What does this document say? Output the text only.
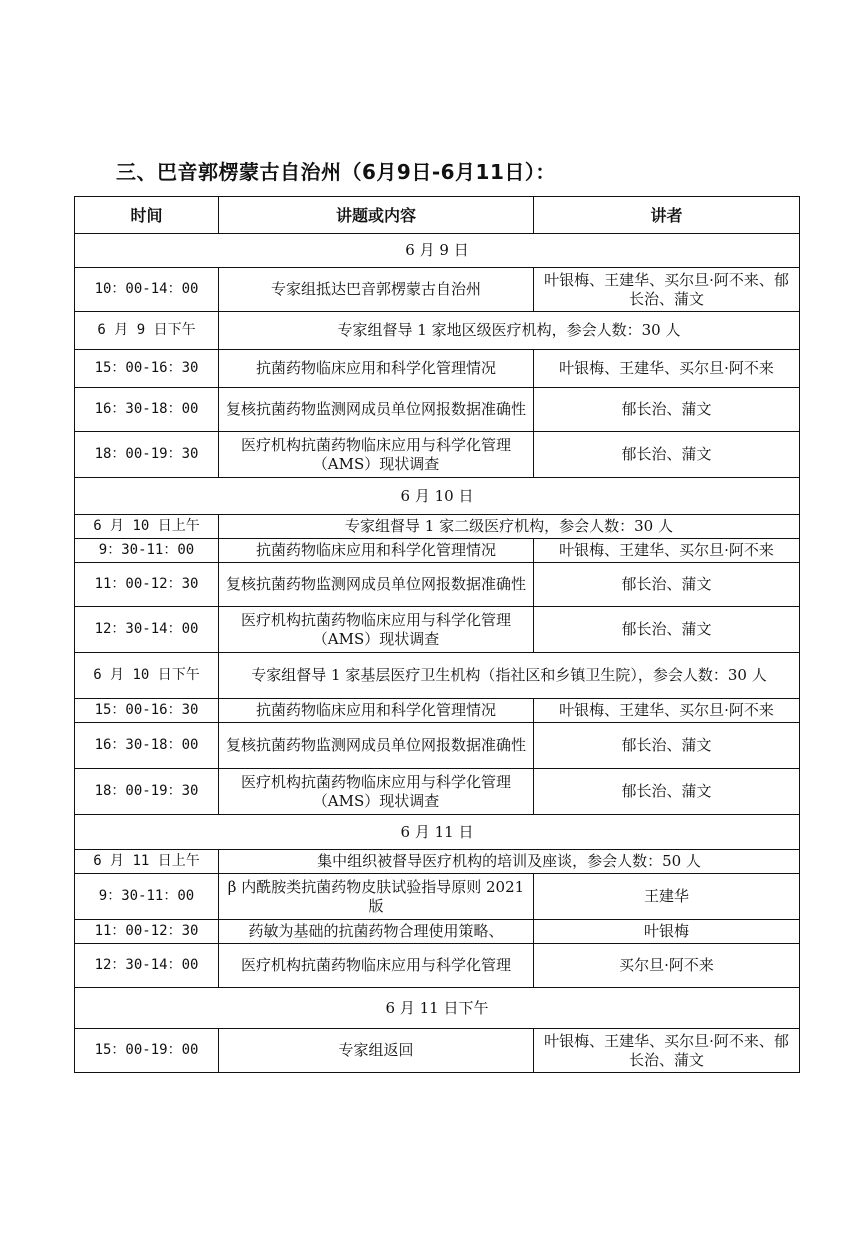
三、巴音郭楞蒙古自治州（6月9日-6月11日）：
时间	讲题或内容	讲者
6 月 9 日		
10：00-14：00	专家组抵达巴音郭楞蒙古自治州	叶银梅、王建华、买尔旦·阿不来、郁长治、蒲文
6 月 9 日下午	专家组督导 1 家地区级医疗机构，参会人数：30 人	
15：00-16：30	抗菌药物临床应用和科学化管理情况	叶银梅、王建华、买尔旦·阿不来
16：30-18：00	复核抗菌药物监测网成员单位网报数据准确性	郁长治、蒲文
18：00-19：30	医疗机构抗菌药物临床应用与科学化管理（AMS）现状调查	郁长治、蒲文
6 月 10 日		
6 月 10 日上午	专家组督导 1 家二级医疗机构，参会人数：30 人	
9：30-11：00	抗菌药物临床应用和科学化管理情况	叶银梅、王建华、买尔旦·阿不来
11：00-12：30	复核抗菌药物监测网成员单位网报数据准确性	郁长治、蒲文
12：30-14：00	医疗机构抗菌药物临床应用与科学化管理（AMS）现状调查	郁长治、蒲文
6 月 10 日下午	专家组督导 1 家基层医疗卫生机构（指社区和乡镇卫生院），参会人数：30 人	
15：00-16：30	抗菌药物临床应用和科学化管理情况	叶银梅、王建华、买尔旦·阿不来
16：30-18：00	复核抗菌药物监测网成员单位网报数据准确性	郁长治、蒲文
18：00-19：30	医疗机构抗菌药物临床应用与科学化管理（AMS）现状调查	郁长治、蒲文
6 月 11 日		
6 月 11 日上午	集中组织被督导医疗机构的培训及座谈，参会人数：50 人	
9：30-11：00	β 内酰胺类抗菌药物皮肤试验指导原则 2021 版	王建华
11：00-12：30	药敏为基础的抗菌药物合理使用策略、	叶银梅
12：30-14：00	医疗机构抗菌药物临床应用与科学化管理	买尔旦·阿不来
6 月 11 日下午		
15：00-19：00	专家组返回	叶银梅、王建华、买尔旦·阿不来、郁长治、蒲文
